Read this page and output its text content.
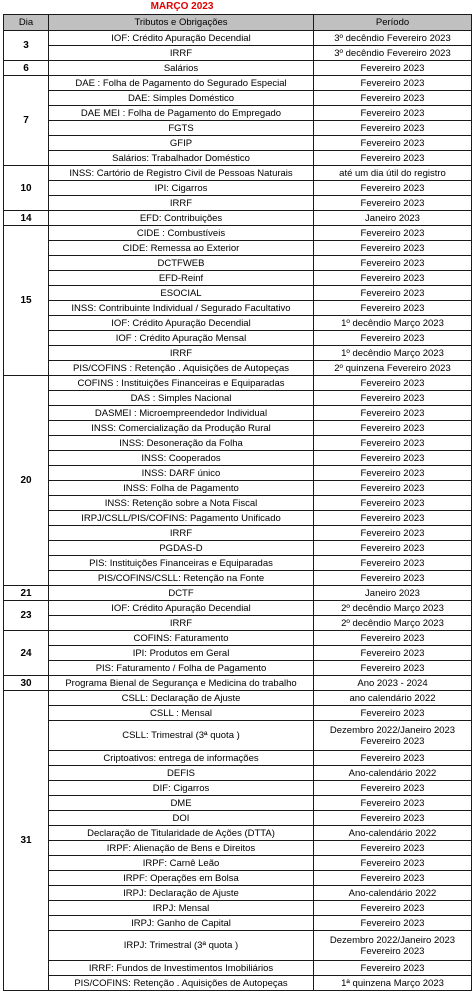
MARÇO 2023
Dia	Tributos e Obrigações	Período
3	IOF: Crédito Apuração Decendial	3º decêndio Fevereiro 2023
	IRRF	3º decêndio Fevereiro 2023
6	Salários	Fevereiro 2023
7	DAE : Folha de Pagamento do Segurado Especial	Fevereiro 2023
	DAE: Simples Doméstico	Fevereiro 2023
	DAE MEI : Folha de Pagamento do Empregado	Fevereiro 2023
	FGTS	Fevereiro 2023
	GFIP	Fevereiro 2023
	Salários: Trabalhador Doméstico	Fevereiro 2023
10	INSS: Cartório de Registro Civil de Pessoas Naturais	até um dia útil do registro
	IPI: Cigarros	Fevereiro 2023
	IRRF	Fevereiro 2023
14	EFD: Contribuições	Janeiro 2023
15	CIDE : Combustíveis	Fevereiro 2023
	CIDE: Remessa ao Exterior	Fevereiro 2023
	DCTFWEB	Fevereiro 2023
	EFD-Reinf	Fevereiro 2023
	ESOCIAL	Fevereiro 2023
	INSS: Contribuinte Individual / Segurado Facultativo	Fevereiro 2023
	IOF: Crédito Apuração Decendial	1º decêndio Março 2023
	IOF : Crédito Apuração Mensal	Fevereiro 2023
	IRRF	1º decêndio Março 2023
	PIS/COFINS : Retenção . Aquisições de Autopeças	2º quinzena Fevereiro 2023
20	COFINS : Instituições Financeiras e Equiparadas	Fevereiro 2023
	DAS : Simples Nacional	Fevereiro 2023
	DASMEI : Microempreendedor Individual	Fevereiro 2023
	INSS: Comercialização da Produção Rural	Fevereiro 2023
	INSS: Desoneração da Folha	Fevereiro 2023
	INSS: Cooperados	Fevereiro 2023
	INSS: DARF único	Fevereiro 2023
	INSS: Folha de Pagamento	Fevereiro 2023
	INSS: Retenção sobre a Nota Fiscal	Fevereiro 2023
	IRPJ/CSLL/PIS/COFINS: Pagamento Unificado	Fevereiro 2023
	IRRF	Fevereiro 2023
	PGDAS-D	Fevereiro 2023
	PIS: Instituições Financeiras e Equiparadas	Fevereiro 2023
	PIS/COFINS/CSLL: Retenção na Fonte	Fevereiro 2023
21	DCTF	Janeiro 2023
23	IOF: Crédito Apuração Decendial	2º decêndio Março 2023
	IRRF	2º decêndio Março 2023
24	COFINS: Faturamento	Fevereiro 2023
	IPI: Produtos em Geral	Fevereiro 2023
	PIS: Faturamento / Folha de Pagamento	Fevereiro 2023
30	Programa Bienal de Segurança e Medicina do trabalho	Ano 2023 - 2024
31	CSLL: Declaração de Ajuste	ano calendário 2022
	CSLL : Mensal	Fevereiro 2023
	CSLL: Trimestral (3ª quota )	Dezembro 2022/Janeiro 2023 Fevereiro 2023
	Criptoativos: entrega de informações	Fevereiro 2023
	DEFIS	Ano-calendário 2022
	DIF: Cigarros	Fevereiro 2023
	DME	Fevereiro 2023
	DOI	Fevereiro 2023
	Declaração de Titularidade de Ações (DTTA)	Ano-calendário 2022
	IRPF: Alienação de Bens e Direitos	Fevereiro 2023
	IRPF: Carnê Leão	Fevereiro 2023
	IRPF: Operações em Bolsa	Fevereiro 2023
	IRPJ: Declaração de Ajuste	Ano-calendário 2022
	IRPJ: Mensal	Fevereiro 2023
	IRPJ: Ganho de Capital	Fevereiro 2023
	IRPJ: Trimestral (3ª quota )	Dezembro 2022/Janeiro 2023 Fevereiro 2023
	IRRF: Fundos de Investimentos Imobiliários	Fevereiro 2023
	PIS/COFINS: Retenção . Aquisições de Autopeças	1ª quinzena Março 2023
